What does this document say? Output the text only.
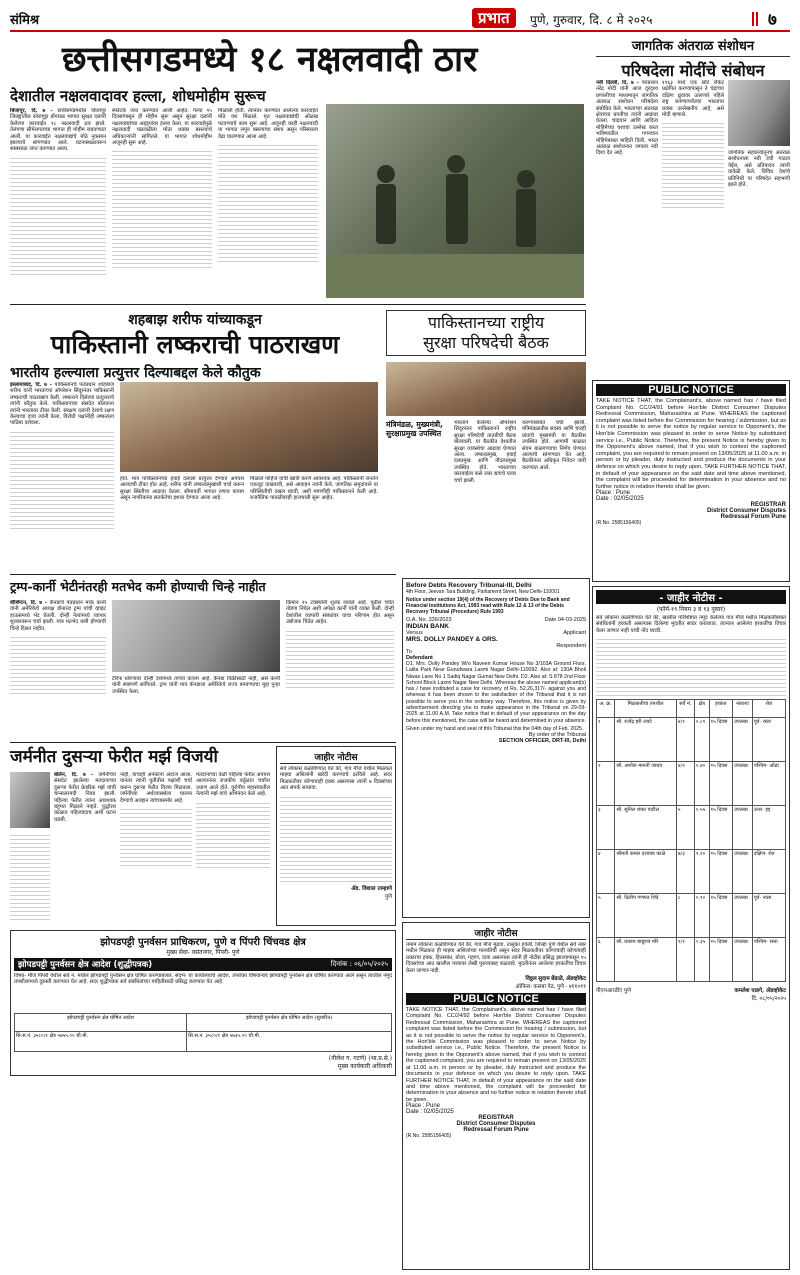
संमिश्र	प्रभात	पुणे, गुरुवार, दि. ८ मे २०२५	७
छत्तीसगडमध्ये १८ नक्षलवादी ठार
देशातील नक्षलवादावर हल्ला, शोधमोहीम सुरूच
बिजापूर, दि. ७ - छत्तीसगडमधील बिजापूर जिल्ह्यातील कोरागुट्टा डोंगराळ भागात सुरक्षा दलांनी केलेल्या कारवाईत १८ नक्षलवादी ठार झाले. तेलंगणा सीमेलगतच्या भागात ही मोहीम राबवण्यात आली. या कारवाईत नक्षलवाद्यांचे मोठे नुकसान झाल्याचे सांगण्यात आले. घटनास्थळावरून शस्त्रसाठा जप्त करण्यात आला.
स्फोटके जप्त करण्यात आली आहेत. गेल्या १५ दिवसांपासून ही मोहीम सुरू असून सुरक्षा दलांनी नक्षलवाद्यांच्या अड्ड्यांवर हल्ला केला. या कारवाईमुळे नक्षलवादी चळवळीला मोठा धक्का बसल्याचे अधिकाऱ्यांनी सांगितले. या भागात शोधमोहीम अजूनही सुरू आहे.
मिळाली होती. त्यानंतर करण्यात आलेल्या कारवाईत मोठे यश मिळाले. मृत नक्षलवाद्यांची ओळख पटवण्याचे काम सुरू आहे. अजूनही काही नक्षलवादी या भागात लपून बसल्याचा संशय असून परिसराला वेढा घालण्यात आला आहे.
जागतिक अंतराळ संशोधन
परिषदेला मोदींचे संबोधन
नवी दिल्ली, दि. ७ - पंतप्रधान नरेंद्र मोदी यांनी आज दूरदृश्य प्रणालीच्या माध्यमातून जागतिक अंतराळ संशोधन परिषदेला संबोधित केले. भारताच्या अंतराळ क्षेत्राच्या प्रगतीचा त्यांनी आढावा घेतला. चांद्रयान आणि आदित्य मोहिमेच्या यशाचा उल्लेख करत भविष्यातील गगनयान मोहिमेबाबत माहिती दिली. भारत अंतराळ संशोधनात जगाला नवी दिशा देत आहे.
१९६३ मध्ये एक छोटे रॉकेट प्रक्षेपित करण्यापासून ते चंद्राच्या दक्षिण ध्रुवावर उतरणारे पहिले राष्ट्र बनण्यापर्यंतचा भारताचा प्रवास उल्लेखनीय आहे, असे मोदी म्हणाले.
जागतिक सहकार्यातूनच अंतराळ संशोधनाला नवी उंची गाठता येईल, असे प्रतिपादन त्यांनी यावेळी केले. विविध देशांचे प्रतिनिधी या परिषदेत सहभागी झाले होते.
शहबाझ शरीफ यांच्याकडून
पाकिस्तानी लष्कराची पाठराखण
भारतीय हल्ल्याला प्रत्युत्तर दिल्याबद्दल केले कौतुक
इस्लामाबाद, दि. ७ - पाकिस्तानचे पंतप्रधान शाहबाज शरीफ यांनी भारताच्या ऑपरेशन सिंदूरनंतर पाकिस्तानी लष्कराची पाठराखण केली. लष्कराने दिलेल्या प्रत्युत्तराचे त्यांनी कौतुक केले. पाकिस्तानच्या संसदेत बोलताना त्यांनी भारतावर टीका केली. संरक्षण दलांनी देशाचे रक्षण केल्याचा दावा त्यांनी केला. विरोधी पक्षांनीही लष्कराला पाठिंबा दर्शवला.
होते. मात्र पाकिस्तानच्या हवाई दलाला प्रत्युत्तर देण्यात अपयश आल्याची टीका होत आहे. शरीफ यांनी लष्करप्रमुखांशी चर्चा करून सुरक्षा स्थितीचा आढावा घेतला. सीमावर्ती भागात तणाव कायम असून नागरिकांना सतर्कतेचा इशारा देण्यात आला आहे.
मिळाले पाहिजे याची खात्री करणे आवश्यक आहे. पाकिस्तानी जनतेने एकजूट दाखवावी, असे आवाहन त्यांनी केले. जागतिक समुदायाने या परिस्थितीची दखल घ्यावी, अशी मागणीही पाकिस्तानने केली आहे. राजनैतिक पातळीवरही हालचाली सुरू आहेत.
पाकिस्तानच्या राष्ट्रीय
सुरक्षा परिषदेची बैठक
मंत्रिमंडळ, मुख्यमंत्री, सुरक्षाप्रमुख उपस्थित
भारताने केलेल्या ऑपरेशन सिंदूरनंतर पाकिस्तानने राष्ट्रीय सुरक्षा परिषदेची तातडीची बैठक बोलावली. या बैठकीत देशातील सुरक्षा व्यवस्थेचा आढावा घेण्यात आला. लष्करप्रमुख, हवाई दलप्रमुख आणि नौदलप्रमुख उपस्थित होते. भारताच्या कारवाईला कसे उत्तर द्यायचे यावर चर्चा झाली.
करण्याबाबत चर्चा झाली. मंत्रिमंडळातील सदस्य आणि चारही प्रांतांचे मुख्यमंत्री या बैठकीस उपस्थित होते. आगामी काळात संयम बाळगण्याचा निर्णय घेण्यात आल्याचे सांगण्यात येत आहे. बैठकीनंतर अधिकृत निवेदन जारी करण्यात आले.
PUBLIC NOTICE
TAKE NOTICE THAT, the Complainant's, above named has / have filed Complaint No. CC/24/91 before Hon'ble District Consumer Disputes Redressal Commission, Maharashtra at Pune. WHEREAS the captioned complaint was listed before the Commission for hearing / submission, but as it is not possible to serve the notice by regular service to Opponent's, the Hon'ble Commission was pleased to order to serve Notice by substituted service i.e., Public Notice. Therefore, the present Notice is hereby given to the Opponent's above named, that if you wish to contest the captioned complaint, you are required to remain present on 13/05/2025 at 11.00 a.m. in person or by pleader, duly instructed and produce the documents in your defence on which you desire to reply upon. TAKE FURTHER NOTICE THAT, in default of your appearance on the said date and time above mentioned, the complaint will be proceeded for determination in your absence and no further notice in relation thereto shall be given.
Place : Pune
Date : 02/05/2025
REGISTRAR
District Consumer Disputes
Redressal Forum Pune
(R.No. 2585156405)
ट्रम्प-कार्नी भेटीनंतरही मतभेद कमी होण्याची चिन्हे नाहीत
वॉशिंग्टन, दि. ७ - कॅनडाचे पंतप्रधान मार्क कार्नी यांनी अमेरिकेचे अध्यक्ष डोनाल्ड ट्रम्प यांची व्हाइट हाऊसमध्ये भेट घेतली. दोन्ही नेत्यांमध्ये व्यापार शुल्कावरून चर्चा झाली. मात्र मतभेद कमी होण्याची चिन्हे दिसत नाहीत.
टॅरिफ धोरणावर दोन्ही देशांमध्ये तणाव कायम आहे. कॅनडा विक्रीसाठी नाही, असे कार्नी यांनी स्पष्टपणे सांगितले. ट्रम्प यांनी मात्र कॅनडाला अमेरिकेचे राज्य बनवण्याचा मुद्दा पुन्हा उपस्थित केला.
किमान २५ टक्क्यांनी शुल्क लावले आहे. पुढील चर्चेत तोडगा निघेल अशी अपेक्षा कार्नी यांनी व्यक्त केली. दोन्ही देशांतील व्यापारी संबंधांवर याचा परिणाम होत असून उद्योजक चिंतेत आहेत.
जर्मनीत दुसऱ्या फेरीत मर्झ विजयी
बर्लिन, दि. ७ - जर्मनीच्या संसदेत झालेल्या मतदानाच्या दुसऱ्या फेरीत फ्रेडरिक मर्झ यांची चान्सलरपदी निवड झाली. पहिल्या फेरीत त्यांना आवश्यक बहुमत मिळाले नव्हते. युद्धोत्तर काळात पहिल्यांदाच अशी घटना घडली.
नाही, याचाही अनेकांना अंदाज आला. यानंतर त्यांनी युतीतील पक्षांशी चर्चा करून दुसऱ्या फेरीत विजय मिळवला. जर्मनीच्या अर्थव्यवस्थेला चालना देण्याचे आव्हान त्यांच्यासमोर आहे.
मतदानाच्या वेळी पहिल्या फेरीत अपयश आल्यानंतर राजकीय वर्तुळात चर्चांना उधाण आले होते. युरोपीय महासंघातील नेत्यांनी मर्झ यांचे अभिनंदन केले आहे.
जाहीर नोटीस
सर्व लोकांस कळविण्यात येते की, गाव मौजे येथील मिळकत माझ्या अशिलांनी खरेदी करण्याचे ठरविले आहे. सदर मिळकतीवर कोणाचाही हक्क असल्यास त्यांनी ७ दिवसांच्या आत संपर्क साधावा.
ॲड. विशाल ताम्हाणे
पुणे
झोपडपट्टी पुनर्वसन प्राधिकरण, पुणे व पिंपरी चिंचवड क्षेत्र
मुख्य सेवा- वसंतनगर, पिंपरी- पुणे
झोपडपट्टी पुनर्वसन क्षेत्र आदेश (शुद्धीपत्रक)	दिनांक : ०६/०५/२०२५
विषय- मौजे पिंपरी येथील सर्वे नं. मधील झोपडपट्टी पुनर्वसन क्षेत्र घोषित करण्याबाबत. संदर्भ- या कार्यालयाचे आदेश. उपरोक्त विषयान्वये झोपडपट्टी पुनर्वसन क्षेत्र घोषित करण्यात आले असून त्यातील नमूद तपशीलामध्ये दुरुस्ती करण्यात येत आहे. सदर शुद्धीपत्रक सर्व संबंधितांच्या माहितीसाठी प्रसिद्ध करण्यात येत आहे.
झोपडपट्टी पुनर्वसन क्षेत्र घोषित आदेश	झोपडपट्टी पुनर्वसन क्षेत्र घोषित आदेश (सुधारित)
सि.स.नं. ३५८०/१ क्षेत्र ५७५५.०० चौ.मी.	सि.स.नं. ३५८०/१ क्षेत्र ५७३५.०० चौ.मी.
(नीलेश ग. गटणे) (भा.प्र.से.)
मुख्य कार्यकारी अधिकारी
Before Debts Recovery Tribunal-III, Delhi
4th Floor, Jeevan Tara Building, Parliament Street, New Delhi-110001
Notice under section 19(4) of the Recovery of Debts Due to Bank and Financial Institutions Act, 1993 read with Rule 12 & 13 of the Debts Recovery Tribunal (Procedure) Rule 1993
O.A. No. 336/2023	Date 04-03-2025
INDIAN BANK
Versus	Applicant
MRS. DOLLY PANDEY & ORS.
Respondent
To
Defendant
D1. Mrs. Dolly Pandey W/o Naveen Kumar House No 3/103A Ground Floor, Lalita Park Near Gurudwara Laxmi Nagar Delhi-110092. Also at: 130A Bholi Niwas Lane No 1 Sadiq Nagar Gumat New Delhi. D2. Also at: S 878 2nd Floor School Block Laxmi Nagar New Delhi. Whereas the above named applicant(s) has / have instituted a case for recovery of Rs. 52,26,317/- against you and whereas it has been shown to the satisfaction of the Tribunal that it is not possible to serve you in the ordinary way. Therefore, this notice is given by advertisement directing you to make appearance in the Tribunal on 29-09-2025 at 11.00 A.M. Take notice that in default of your appearance on the day before this mentioned, the case will be heard and determined in your absence.
Given under my hand and seal of this Tribunal this the 04th day of Feb. 2025.
By order of the Tribunal
SECTION OFFICER, DRT-III, Delhi
जाहीर नोटीस
तमाम लोकांना कळविण्यात येते की, गाव मौजे मुंढवा, तालुका हवेली, जिल्हा पुणे येथील सर्वे नंबर मधील मिळकत ही माझ्या अशिलांच्या मालकीची असून सदर मिळकतीवर कोणाचाही कोणत्याही प्रकारचा हक्क, हितसंबंध, बोजा, गहाण, दावा असल्यास त्यांनी ही नोटीस प्रसिद्ध झाल्यापासून १५ दिवसांच्या आत खालील पत्त्यावर लेखी पुराव्यासह कळवावे. मुदतीनंतर आलेल्या हरकतींचा विचार केला जाणार नाही.
विठ्ठल सुदाम बेंडाळे, ॲडव्होकेट
ऑफिस: कसबा पेठ, पुणे - ४११०११
PUBLIC NOTICE
TAKE NOTICE THAT, the Complainant's, above named has / have filed Complaint No. CC/24/92 before Hon'ble District Consumer Disputes Redressal Commission, Maharashtra at Pune. WHEREAS the captioned complaint was listed before the Commission for hearing / submission, but as it is not possible to serve the notice by regular service to Opponent's, the Hon'ble Commission was pleased to order to serve Notice by substituted service i.e., Public Notice. Therefore, the present Notice is hereby given to the Opponent's above named, that if you wish to contest the captioned complaint, you are required to remain present on 13/05/2025 at 11.00 a.m. in person or by pleader, duly instructed and produce the documents in your defence on which you desire to reply upon. TAKE FURTHER NOTICE THAT, in default of your appearance on the said date and time above mentioned, the complaint will be proceeded for determination in your absence and no further notice in relation thereto shall be given.
Place : Pune
Date : 02/05/2025
REGISTRAR
District Consumer Disputes
Redressal Forum Pune
(R.No. 2585156405)
- जाहीर नोटीस -
(फॉर्म-१९ नियम ३ व १३ नुसार)
सर्व लोकांना कळविण्यात येते की, खालील परिशिष्टात नमूद केलेल्या गाव मौजे मधील मिळकतींबाबत संबंधितांनी हरकती असल्यास दिलेल्या मुदतीत सादर कराव्यात. त्यानंतर आलेल्या हरकतींचा विचार केला जाणार नाही याची नोंद घ्यावी.
अ. क्र.	मिळकतीचा तपशील	सर्वे नं.	क्षेत्र	हरकत	नकाशा	शेरा
१	श्री. राजेंद्र हरी लवटे	४/१	०.८१	१५ दिवस	उपलब्ध	पूर्व- रस्ता
२	श्री. अशोक मारुती जाधव	४/२	०.४०	१५ दिवस	उपलब्ध	पश्चिम- ओढा
३	श्री. सुनिल शंकर पाटील	५	०.५५	१५ दिवस	उपलब्ध	उत्तर- हद्द
४	श्रीमती कमल दत्तात्रय काळे	७/३	१.२०	१५ दिवस	उपलब्ध	दक्षिण- शेत
५	श्री. दिलीप गणपत शिंदे	८	०.९०	१५ दिवस	उपलब्ध	पूर्व- नाला
६	श्री. प्रकाश बाबुराव मोरे	९/१	०.३५	१५ दिवस	उपलब्ध	पश्चिम- रस्ता
पीएमआरडीए पुणे	कमलेश घाडगे, ॲडव्होकेट
दि. ०८/०५/२०२५
